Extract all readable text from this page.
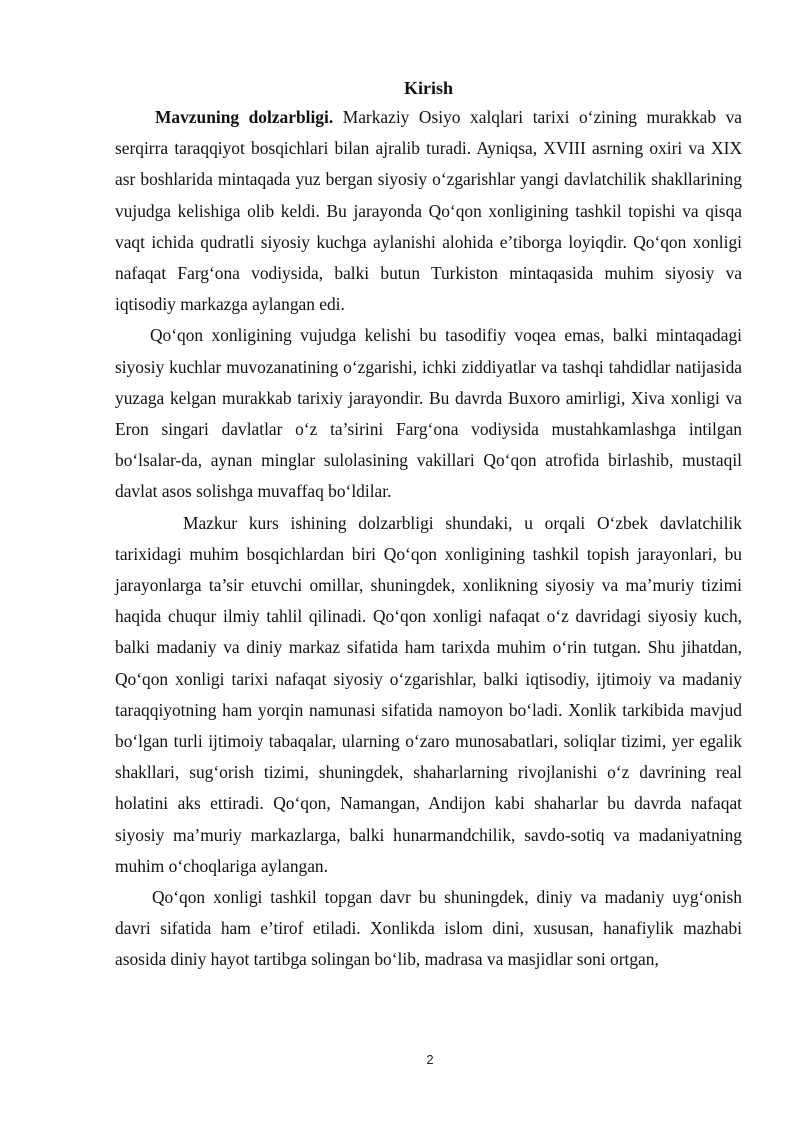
Kirish

Mavzuning dolzarbligi. Markaziy Osiyo xalqlari tarixi o‘zining murakkab va serqirra taraqqiyot bosqichlari bilan ajralib turadi. Ayniqsa, XVIII asrning oxiri va XIX asr boshlarida mintaqada yuz bergan siyosiy o‘zgarishlar yangi davlatchilik shakllarining vujudga kelishiga olib keldi. Bu jarayonda Qo‘qon xonligining tashkil topishi va qisqa vaqt ichida qudratli siyosiy kuchga aylanishi alohida e’tiborga loyiqdir. Qo‘qon xonligi nafaqat Farg‘ona vodiysida, balki butun Turkiston mintaqasida muhim siyosiy va iqtisodiy markazga aylangan edi.

Qo‘qon xonligining vujudga kelishi bu tasodifiy voqea emas, balki mintaqadagi siyosiy kuchlar muvozanatining o‘zgarishi, ichki ziddiyatlar va tashqi tahdidlar natijasida yuzaga kelgan murakkab tarixiy jarayondir. Bu davrda Buxoro amirligi, Xiva xonligi va Eron singari davlatlar o‘z ta’sirini Farg‘ona vodiysida mustahkamlashga intilgan bo‘lsalar-da, aynan minglar sulolasining vakillari Qo‘qon atrofida birlashib, mustaqil davlat asos solishga muvaffaq bo‘ldilar.

Mazkur kurs ishining dolzarbligi shundaki, u orqali O‘zbek davlatchilik tarixidagi muhim bosqichlardan biri Qo‘qon xonligining tashkil topish jarayonlari, bu jarayonlarga ta’sir etuvchi omillar, shuningdek, xonlikning siyosiy va ma’muriy tizimi haqida chuqur ilmiy tahlil qilinadi. Qo‘qon xonligi nafaqat o‘z davridagi siyosiy kuch, balki madaniy va diniy markaz sifatida ham tarixda muhim o‘rin tutgan. Shu jihatdan, Qo‘qon xonligi tarixi nafaqat siyosiy o‘zgarishlar, balki iqtisodiy, ijtimoiy va madaniy taraqqiyotning ham yorqin namunasi sifatida namoyon bo‘ladi. Xonlik tarkibida mavjud bo‘lgan turli ijtimoiy tabaqalar, ularning o‘zaro munosabatlari, soliqlar tizimi, yer egalik shakllari, sug‘orish tizimi, shuningdek, shaharlarning rivojlanishi o‘z davrining real holatini aks ettiradi. Qo‘qon, Namangan, Andijon kabi shaharlar bu davrda nafaqat siyosiy ma’muriy markazlarga, balki hunarmandchilik, savdo-sotiq va madaniyatning muhim o‘choqlariga aylangan.

Qo‘qon xonligi tashkil topgan davr bu shuningdek, diniy va madaniy uyg‘onish davri sifatida ham e’tirof etiladi. Xonlikda islom dini, xususan, hanafiylik mazhabi asosida diniy hayot tartibga solingan bo‘lib, madrasa va masjidlar soni ortgan,

2
